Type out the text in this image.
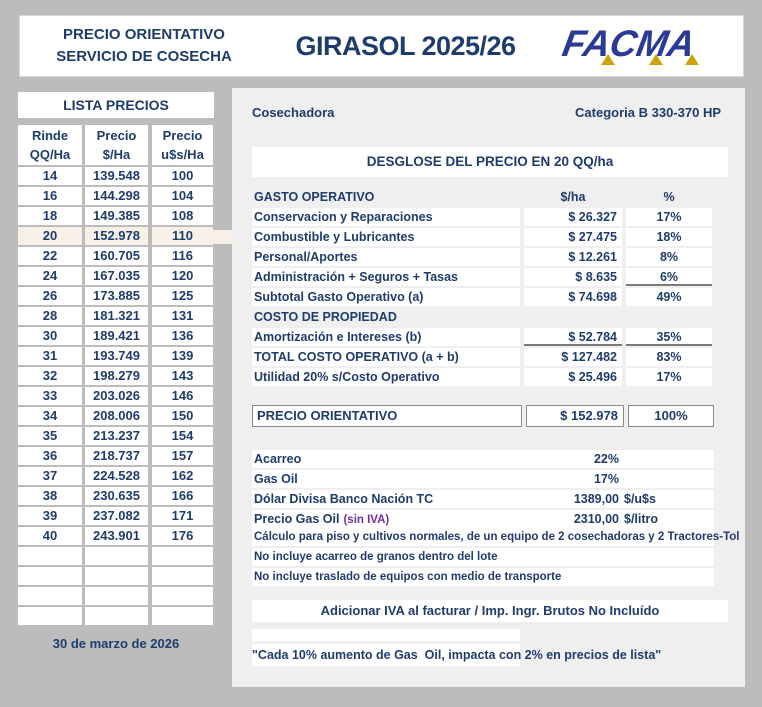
PRECIO ORIENTATIVO
SERVICIO DE COSECHA	GIRASOL 2025/26	FACMA
LISTA PRECIOS
Rinde
QQ/Ha
Precio
$/Ha
Precio
u$s/Ha
14	139.548	100
16	144.298	104
18	149.385	108
20	152.978	110
22	160.705	116
24	167.035	120
26	173.885	125
28	181.321	131
30	189.421	136
31	193.749	139
32	198.279	143
33	203.026	146
34	208.006	150
35	213.237	154
36	218.737	157
37	224.528	162
38	230.635	166
39	237.082	171
40	243.901	176
30 de marzo de 2026
Cosechadora	Categoria B 330-370 HP
DESGLOSE DEL PRECIO EN 20 QQ/ha
GASTO OPERATIVO	$/ha	%
Conservacion y Reparaciones	$ 26.327	17%
Combustible y Lubricantes	$ 27.475	18%
Personal/Aportes	$ 12.261	8%
Administración + Seguros + Tasas	$ 8.635	6%
Subtotal Gasto Operativo (a)	$ 74.698	49%
COSTO DE PROPIEDAD
Amortización e Intereses (b)	$ 52.784	35%
TOTAL COSTO OPERATIVO (a + b)	$ 127.482	83%
Utilidad 20% s/Costo Operativo	$ 25.496	17%
PRECIO ORIENTATIVO	$ 152.978	100%
Acarreo	22%
Gas Oil	17%
Dólar Divisa Banco Nación TC	1389,00 $/u$s
Precio Gas Oil (sin IVA)	2310,00 $/litro
Cálculo para piso y cultivos normales, de un equipo de 2 cosechadoras y 2 Tractores-Tol
No incluye acarreo de granos dentro del lote
No incluye traslado de equipos con medio de transporte
Adicionar IVA al facturar / Imp. Ingr. Brutos No Incluído
"Cada 10% aumento de Gas  Oil, impacta con 2% en precios de lista"
